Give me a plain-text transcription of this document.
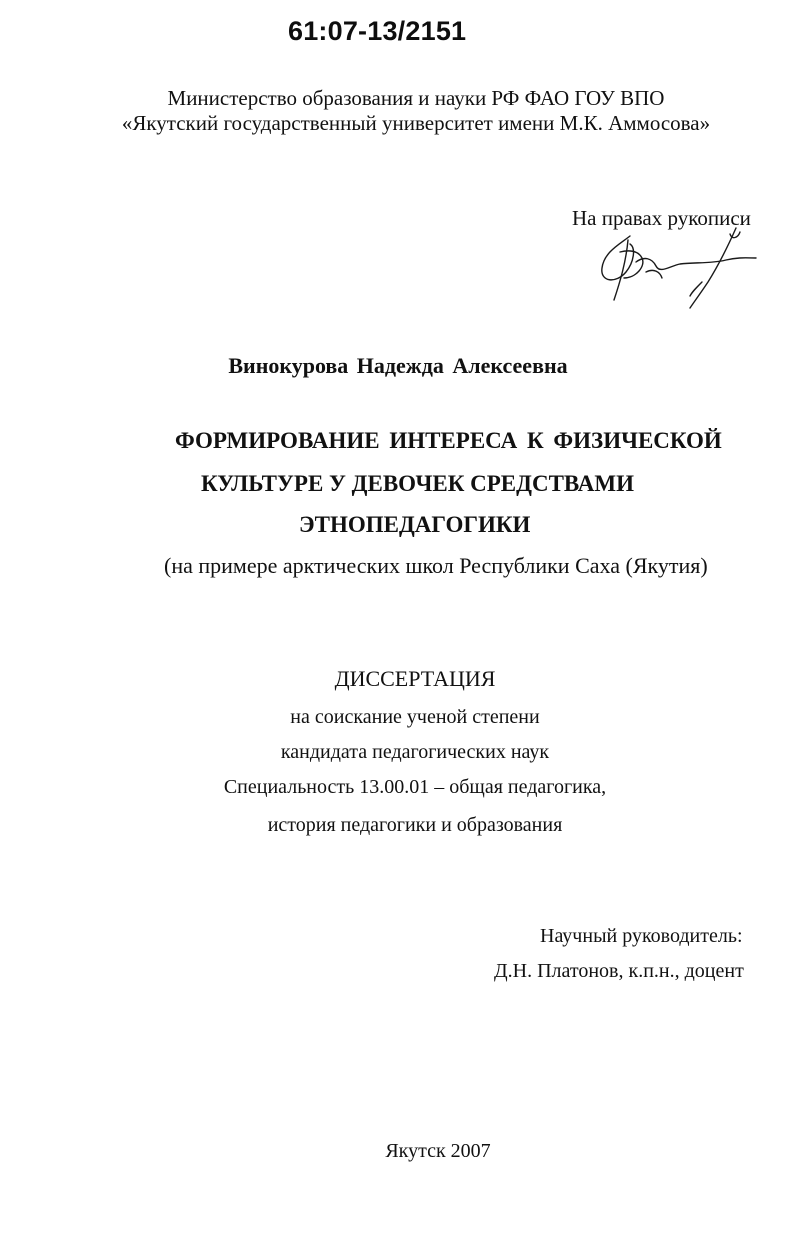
61:07-13/2151
Министерство образования и науки РФ ФАО ГОУ ВПО
«Якутский государственный университет имени М.К. Аммосова»
На правах рукописи
Винокурова Надежда Алексеевна
ФОРМИРОВАНИЕ ИНТЕРЕСА К ФИЗИЧЕСКОЙ
КУЛЬТУРЕ У ДЕВОЧЕК СРЕДСТВАМИ
ЭТНОПЕДАГОГИКИ
(на примере арктических школ Республики Саха (Якутия)
ДИССЕРТАЦИЯ
на соискание ученой степени
кандидата педагогических наук
Специальность 13.00.01 – общая педагогика,
история педагогики и образования
Научный руководитель:
Д.Н. Платонов, к.п.н., доцент
Якутск 2007
